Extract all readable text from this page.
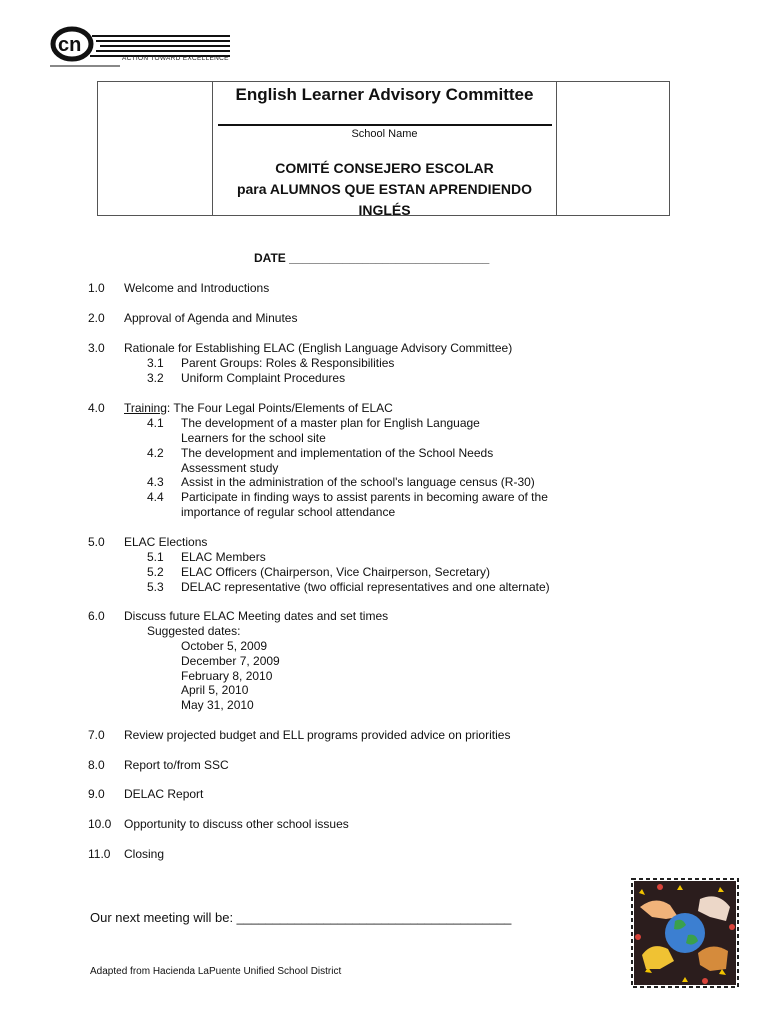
cn
ACTION TOWARD EXCELLENCE
English Learner Advisory Committee
School Name
COMITÉ CONSEJERO ESCOLAR
para ALUMNOS QUE ESTAN APRENDIENDO
INGLÉS
DATE ______________________________
1.0 Welcome and Introductions
2.0 Approval of Agenda and Minutes
3.0 Rationale for Establishing ELAC (English Language Advisory Committee)
3.1 Parent Groups: Roles & Responsibilities
3.2 Uniform Complaint Procedures
4.0 Training: The Four Legal Points/Elements of ELAC
4.1 The development of a master plan for English Language
Learners for the school site
4.2 The development and implementation of the School Needs
Assessment study
4.3 Assist in the administration of the school's language census (R-30)
4.4 Participate in finding ways to assist parents in becoming aware of the
importance of regular school attendance
5.0 ELAC Elections
5.1 ELAC Members
5.2 ELAC Officers (Chairperson, Vice Chairperson, Secretary)
5.3 DELAC representative (two official representatives and one alternate)
6.0 Discuss future ELAC Meeting dates and set times
Suggested dates:
October 5, 2009
December 7, 2009
February 8, 2010
April 5, 2010
May 31, 2010
7.0 Review projected budget and ELL programs provided advice on priorities
8.0 Report to/from SSC
9.0 DELAC Report
10.0 Opportunity to discuss other school issues
11.0 Closing
Our next meeting will be: ______________________________________
Adapted from Hacienda LaPuente Unified School District
